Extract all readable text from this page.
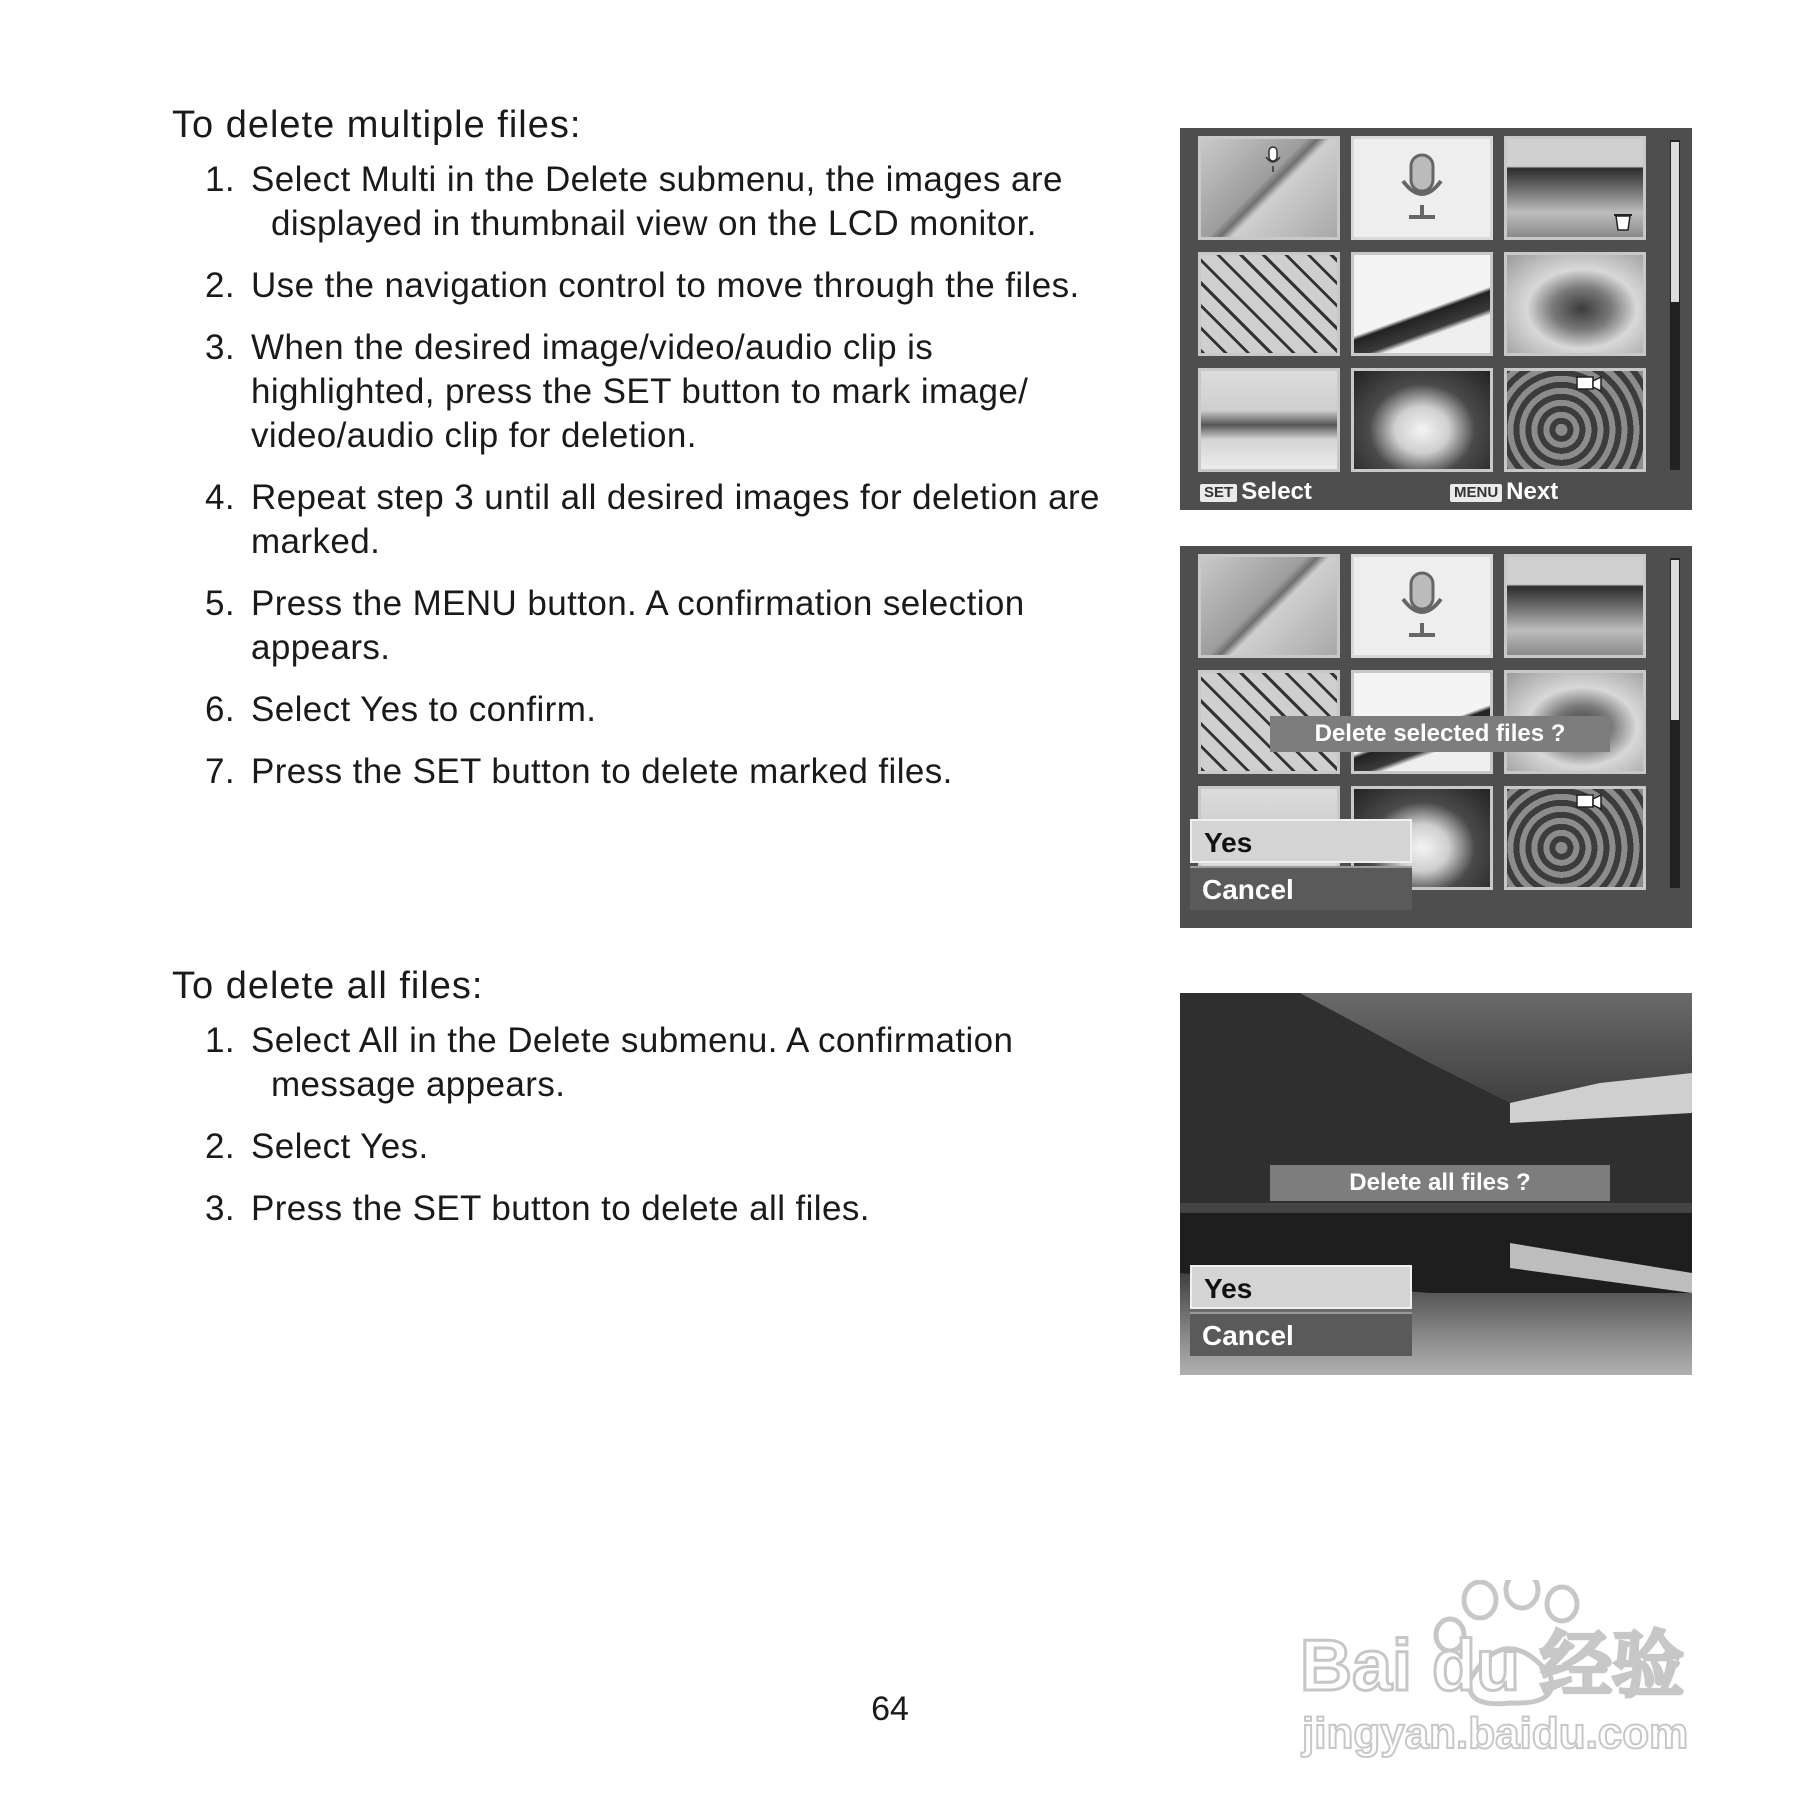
To delete multiple files:
1. Select Multi in the Delete submenu, the images are
displayed in thumbnail view on the LCD monitor.
2. Use the navigation control to move through the files.
3. When the desired image/video/audio clip is
highlighted, press the SET button to mark image/
video/audio clip for deletion.
4. Repeat step 3 until all desired images for deletion are
marked.
5. Press the MENU button. A confirmation selection
appears.
6. Select Yes to confirm.
7. Press the SET button to delete marked files.
To delete all files:
1. Select All in the Delete submenu. A confirmation
message appears.
2. Select Yes.
3. Press the SET button to delete all files.
SET Select	MENU Next
Delete selected files ?
Yes
Cancel
Delete all files ?
Yes
Cancel
64
Bai du 经验
jingyan.baidu.com
